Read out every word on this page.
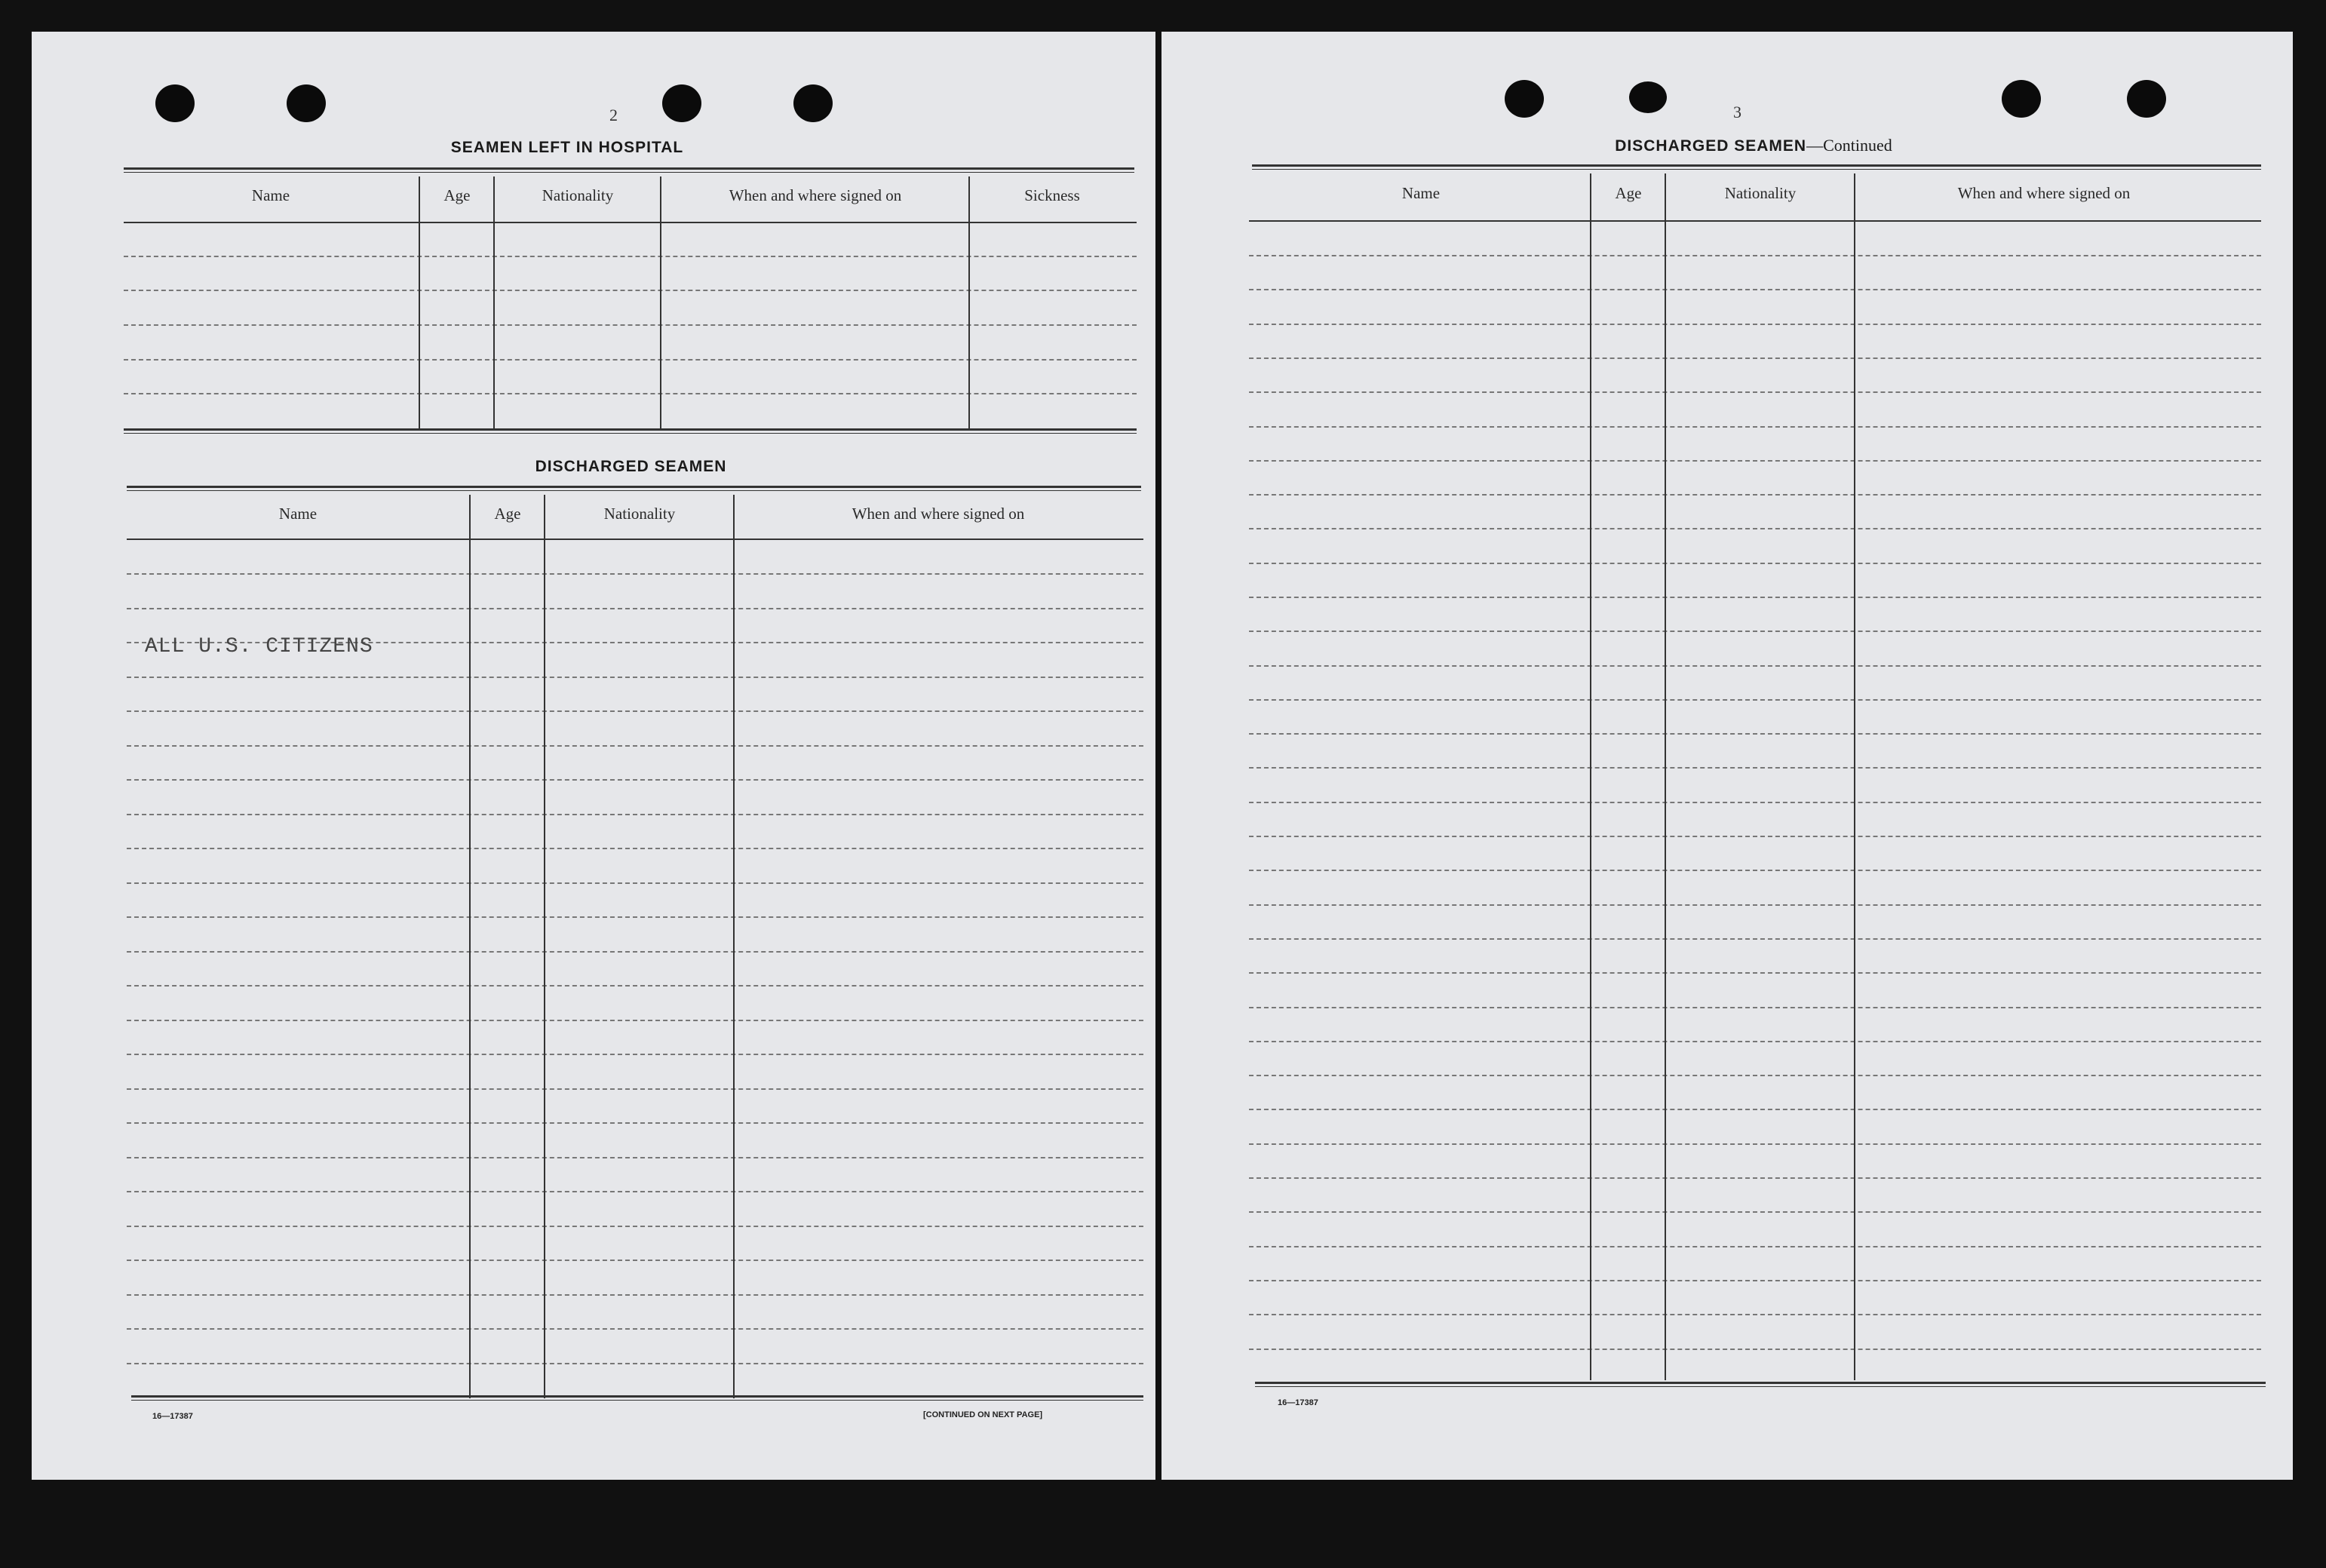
2
SEAMEN LEFT IN HOSPITAL
Name	Age	Nationality	When and where signed on	Sickness
DISCHARGED SEAMEN
Name	Age	Nationality	When and where signed on
ALL U.S. CITIZENS
16—17387	[CONTINUED ON NEXT PAGE]
3
DISCHARGED SEAMEN—Continued
Name	Age	Nationality	When and where signed on
16—17387
